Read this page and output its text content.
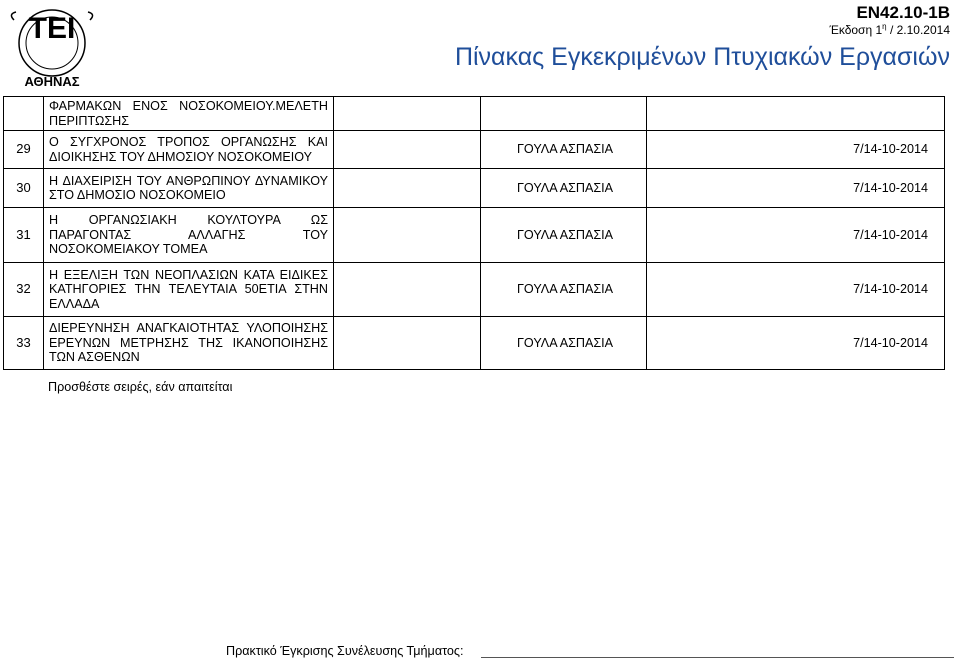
ΤΕΙ
ΑΘΗΝΑΣ
EN42.10-1B
Έκδοση $1^\eta / 2.10.2014$
Πίνακας Εγκεκριμένων Πτυχιακών Εργασιών
	ΦΑΡΜΑΚΩΝ ΕΝΟΣ ΝΟΣΟΚΟΜΕΙΟΥ.ΜΕΛΕΤΗ ΠΕΡΙΠΤΩΣΗΣ			
29	Ο ΣΥΓΧΡΟΝΟΣ ΤΡΟΠΟΣ ΟΡΓΑΝΩΣΗΣ ΚΑΙ ΔΙΟΙΚΗΣΗΣ ΤΟΥ ΔΗΜΟΣΙΟΥ ΝΟΣΟΚΟΜΕΙΟΥ		ΓΟΥΛΑ ΑΣΠΑΣΙΑ	7/14-10-2014
30	Η ΔΙΑΧΕΙΡΙΣΗ ΤΟΥ ΑΝΘΡΩΠΙΝΟΥ ΔΥΝΑΜΙΚΟΥ ΣΤΟ ΔΗΜΟΣΙΟ ΝΟΣΟΚΟΜΕΙΟ		ΓΟΥΛΑ ΑΣΠΑΣΙΑ	7/14-10-2014
31	Η ΟΡΓΑΝΩΣΙΑΚΗ ΚΟΥΛΤΟΥΡΑ ΩΣ ΠΑΡΑΓΟΝΤΑΣ ΑΛΛΑΓΗΣ ΤΟΥ ΝΟΣΟΚΟΜΕΙΑΚΟΥ ΤΟΜΕΑ		ΓΟΥΛΑ ΑΣΠΑΣΙΑ	7/14-10-2014
32	Η ΕΞΕΛΙΞΗ ΤΩΝ ΝΕΟΠΛΑΣΙΩΝ ΚΑΤΑ ΕΙΔΙΚΕΣ ΚΑΤΗΓΟΡΙΕΣ ΤΗΝ ΤΕΛΕΥΤΑΙΑ 50ΕΤΙΑ ΣΤΗΝ ΕΛΛΑΔΑ		ΓΟΥΛΑ ΑΣΠΑΣΙΑ	7/14-10-2014
33	ΔΙΕΡΕΥΝΗΣΗ ΑΝΑΓΚΑΙΟΤΗΤΑΣ ΥΛΟΠΟΙΗΣΗΣ ΕΡΕΥΝΩΝ ΜΕΤΡΗΣΗΣ ΤΗΣ ΙΚΑΝΟΠΟΙΗΣΗΣ ΤΩΝ ΑΣΘΕΝΩΝ		ΓΟΥΛΑ ΑΣΠΑΣΙΑ	7/14-10-2014
Προσθέστε σειρές, εάν απαιτείται
Πρακτικό Έγκρισης Συνέλευσης Τμήματος:
